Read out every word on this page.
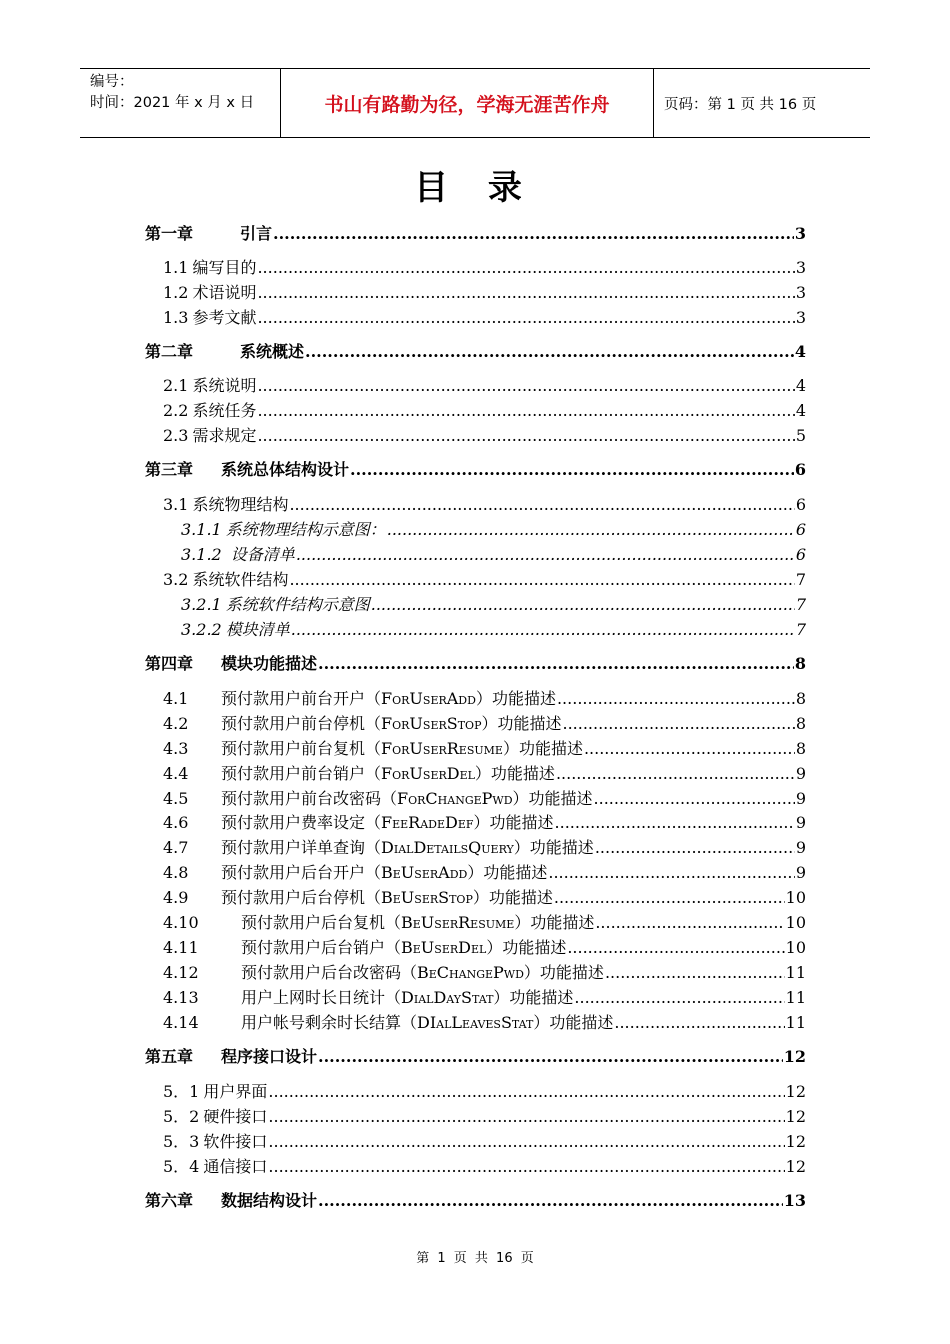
编号：
时间：2021 年 x 月 x 日	书山有路勤为径，学海无涯苦作舟	页码：第 1 页 共 16 页
目 录
第一章	引言 .....	3
1.1 编写目的 .....	3
1.2 术语说明 .....	3
1.3 参考文献 .....	3
第二章	系统概述 .....	4
2.1 系统说明 .....	4
2.2 系统任务 .....	4
2.3 需求规定 .....	5
第三章 系统总体结构设计 .....	6
3.1 系统物理结构 .....	6
3.1.1 系统物理结构示意图： .....	6
3.1.2 设备清单 .....	6
3.2 系统软件结构 .....	7
3.2.1 系统软件结构示意图 .....	7
3.2.2 模块清单 .....	7
第四章 模块功能描述 .....	8
4.1 预付款用户前台开户（ForUserAdd）功能描述 .....	8
4.2 预付款用户前台停机（ForUserStop）功能描述 .....	8
4.3 预付款用户前台复机（ForUserResume）功能描述 .....	8
4.4 预付款用户前台销户（ForUserDel）功能描述 .....	9
4.5 预付款用户前台改密码（ForChangePwd）功能描述 .....	9
4.6 预付款用户费率设定（FeeRadeDef）功能描述 .....	9
4.7 预付款用户详单查询（DialDetailsQuery）功能描述 .....	9
4.8 预付款用户后台开户（BeUserAdd）功能描述 .....	9
4.9 预付款用户后台停机（BeUserStop）功能描述 .....	10
4.10	预付款用户后台复机（BeUserResume）功能描述 .....	10
4.11	预付款用户后台销户（BeUserDel）功能描述 .....	10
4.12	预付款用户后台改密码（BeChangePwd）功能描述 .....	11
4.13	用户上网时长日统计（DialDayStat）功能描述 .....	11
4.14	用户帐号剩余时长结算（DIalLeavesStat）功能描述 .....	11
第五章 程序接口设计 .....	12
5．1 用户界面 .....	12
5．2 硬件接口 .....	12
5．3 软件接口 .....	12
5．4 通信接口 .....	12
第六章 数据结构设计 .....	13
第 1 页 共 16 页
